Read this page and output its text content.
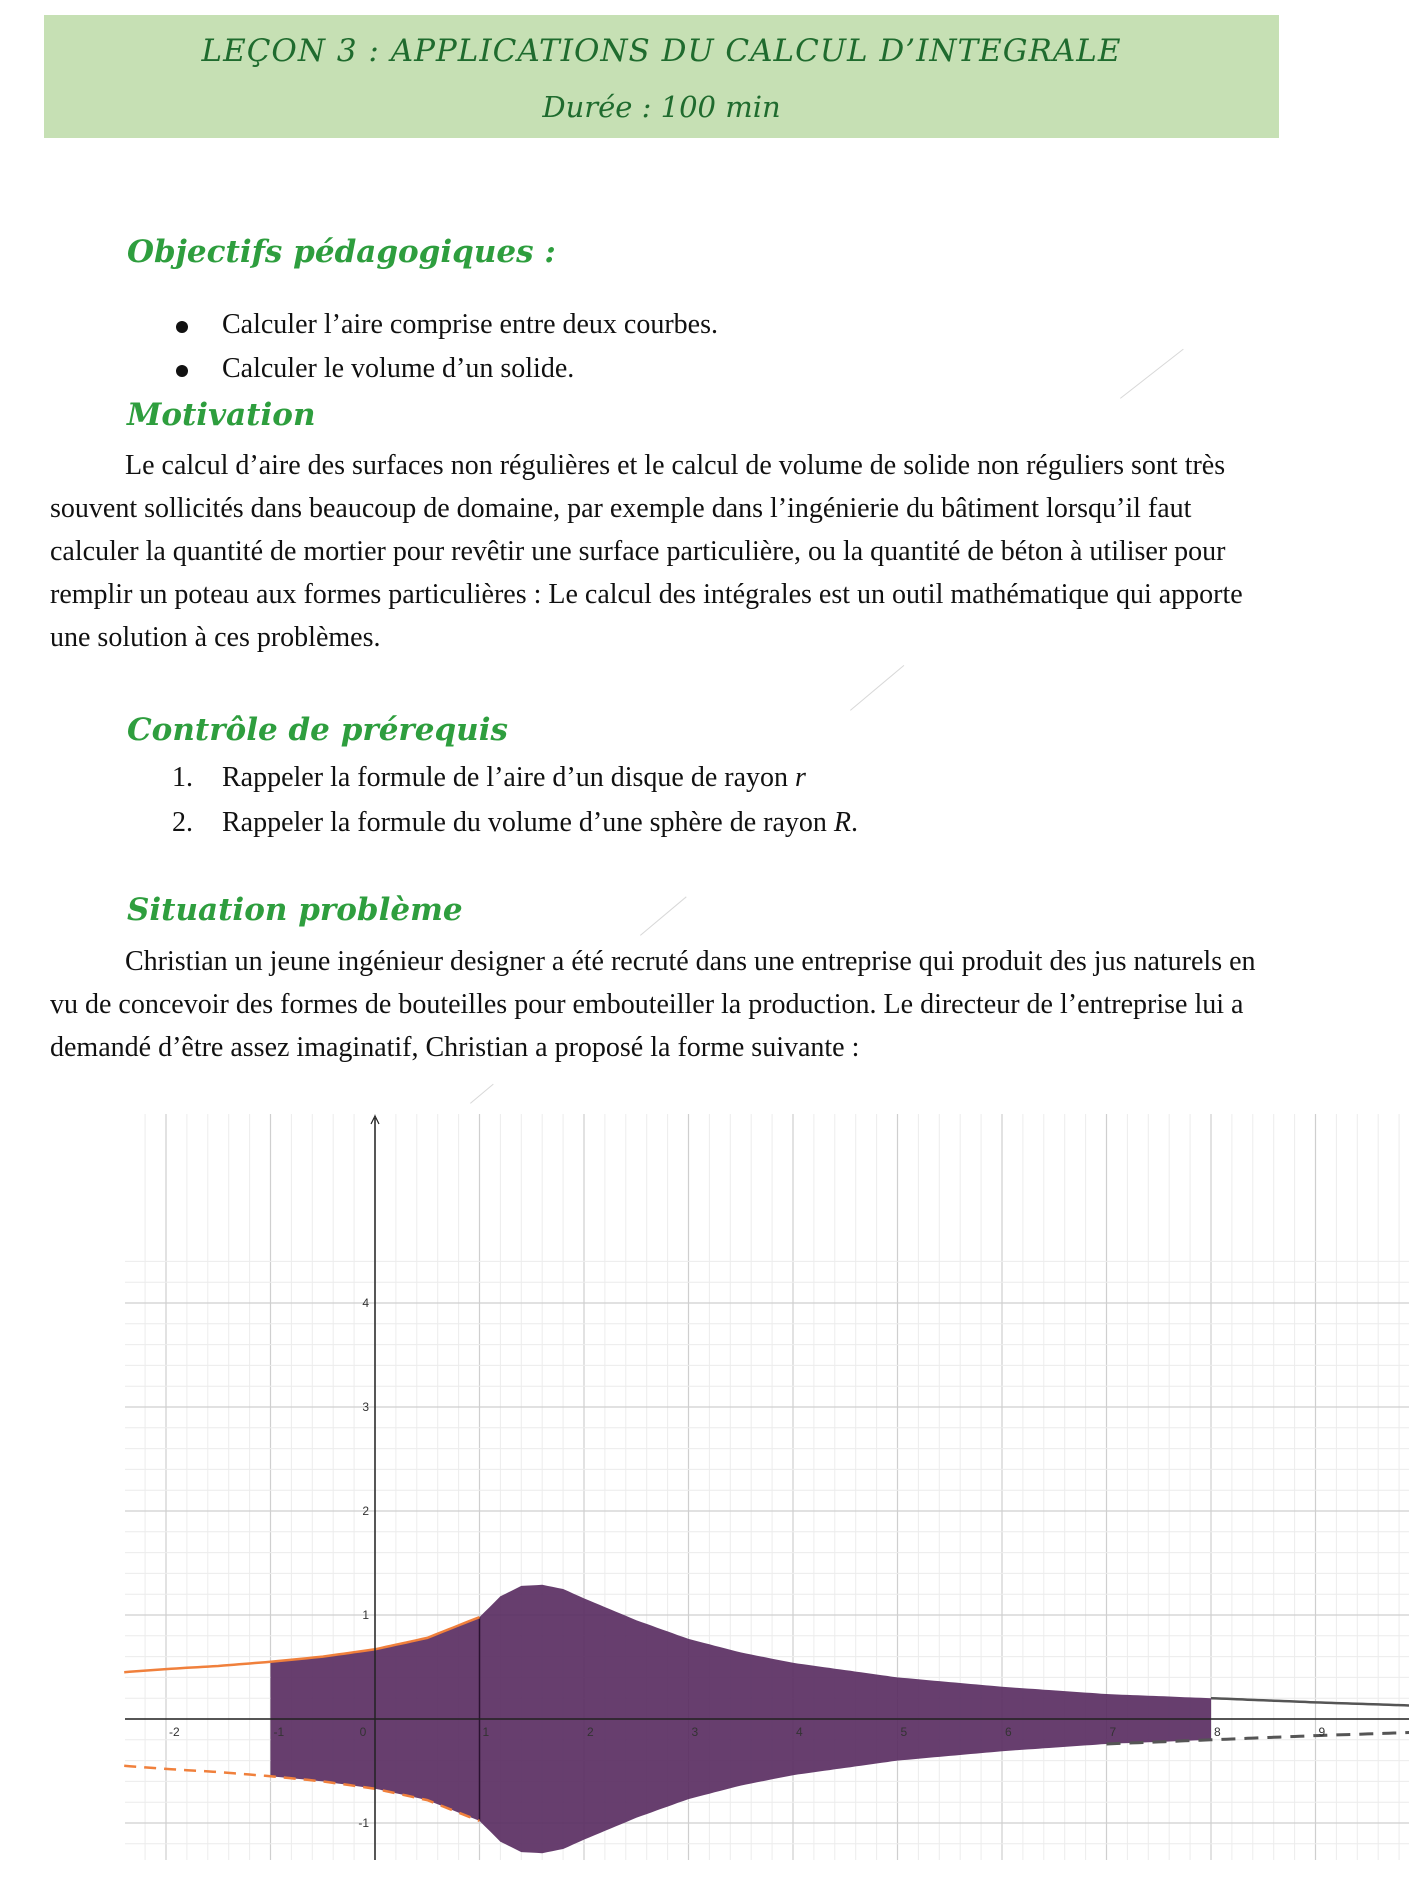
LEÇON 3 : APPLICATIONS DU CALCUL D’INTEGRALE
Durée : 100 min
Objectifs pédagogiques :
Calculer l’aire comprise entre deux courbes.
Calculer le volume d’un solide.
Motivation
Le calcul d’aire des surfaces non régulières et le calcul de volume de solide non réguliers sont très souvent sollicités dans beaucoup de domaine, par exemple dans l’ingénierie du bâtiment lorsqu’il faut calculer la quantité de mortier pour revêtir une surface particulière, ou la quantité de béton à utiliser pour remplir un poteau aux formes particulières : Le calcul des intégrales est un outil mathématique qui apporte une solution à ces problèmes.
Contrôle de prérequis
1. Rappeler la formule de l’aire d’un disque de rayon r
2. Rappeler la formule du volume d’une sphère de rayon R.
Situation problème
Christian un jeune ingénieur designer a été recruté dans une entreprise qui produit des jus naturels en vu de concevoir des formes de bouteilles pour embouteiller la production. Le directeur de l’entreprise lui a demandé d’être assez imaginatif, Christian a proposé la forme suivante :
-2	-1	0	1	2	3	4	5	6	7	8	9
4
3
2
1
-1
